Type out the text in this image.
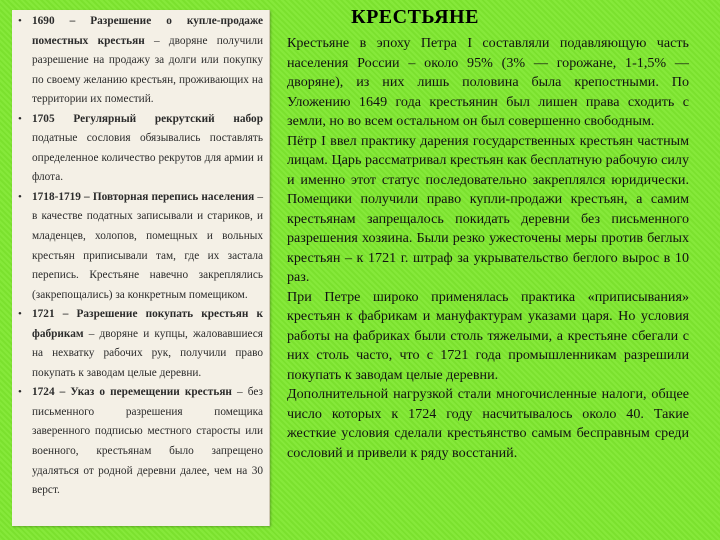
• 1690 – Разрешение о купле-продаже поместных крестьян – дворяне получили разрешение на продажу за долги или покупку по своему желанию крестьян, проживающих на территории их поместий.
• 1705 Регулярный рекрутский набор податные сословия обязывались поставлять определенное количество рекрутов для армии и флота.
• 1718-1719 – Повторная перепись населения – в качестве податных записывали и стариков, и младенцев, холопов, помещных и вольных крестьян приписывали там, где их застала перепись. Крестьяне навечно закреплялись (закрепощались) за конкретным помещиком.
• 1721 – Разрешение покупать крестьян к фабрикам – дворяне и купцы, жаловавшиеся на нехватку рабочих рук, получили право покупать к заводам целые деревни.
• 1724 – Указ о перемещении крестьян – без письменного разрешения помещика заверенного подписью местного старосты или военного, крестьянам было запрещено удаляться от родной деревни далее, чем на 30 верст.
КРЕСТЬЯНЕ

Крестьяне в эпоху Петра I составляли подавляющую часть населения России – около 95% (3% — горожане, 1-1,5% — дворяне), из них лишь половина была крепостными. По Уложению 1649 года крестьянин был лишен права сходить с земли, но во всем остальном он был совершенно свободным.

Пётр I ввел практику дарения государственных крестьян частным лицам. Царь рассматривал крестьян как бесплатную рабочую силу и именно этот статус последовательно закреплялся юридически. Помещики получили право купли-продажи крестьян, а самим крестьянам запрещалось покидать деревни без письменного разрешения хозяина. Были резко ужесточены меры против беглых крестьян – к 1721 г. штраф за укрывательство беглого вырос в 10 раз.

При Петре широко применялась практика «приписывания» крестьян к фабрикам и мануфактурам указами царя. Но условия работы на фабриках были столь тяжелыми, а крестьяне сбегали с них столь часто, что с 1721 года промышленникам разрешили покупать к заводам целые деревни.

Дополнительной нагрузкой стали многочисленные налоги, общее число которых к 1724 году насчитывалось около 40. Такие жесткие условия сделали крестьянство самым бесправным среди сословий и привели к ряду восстаний.
